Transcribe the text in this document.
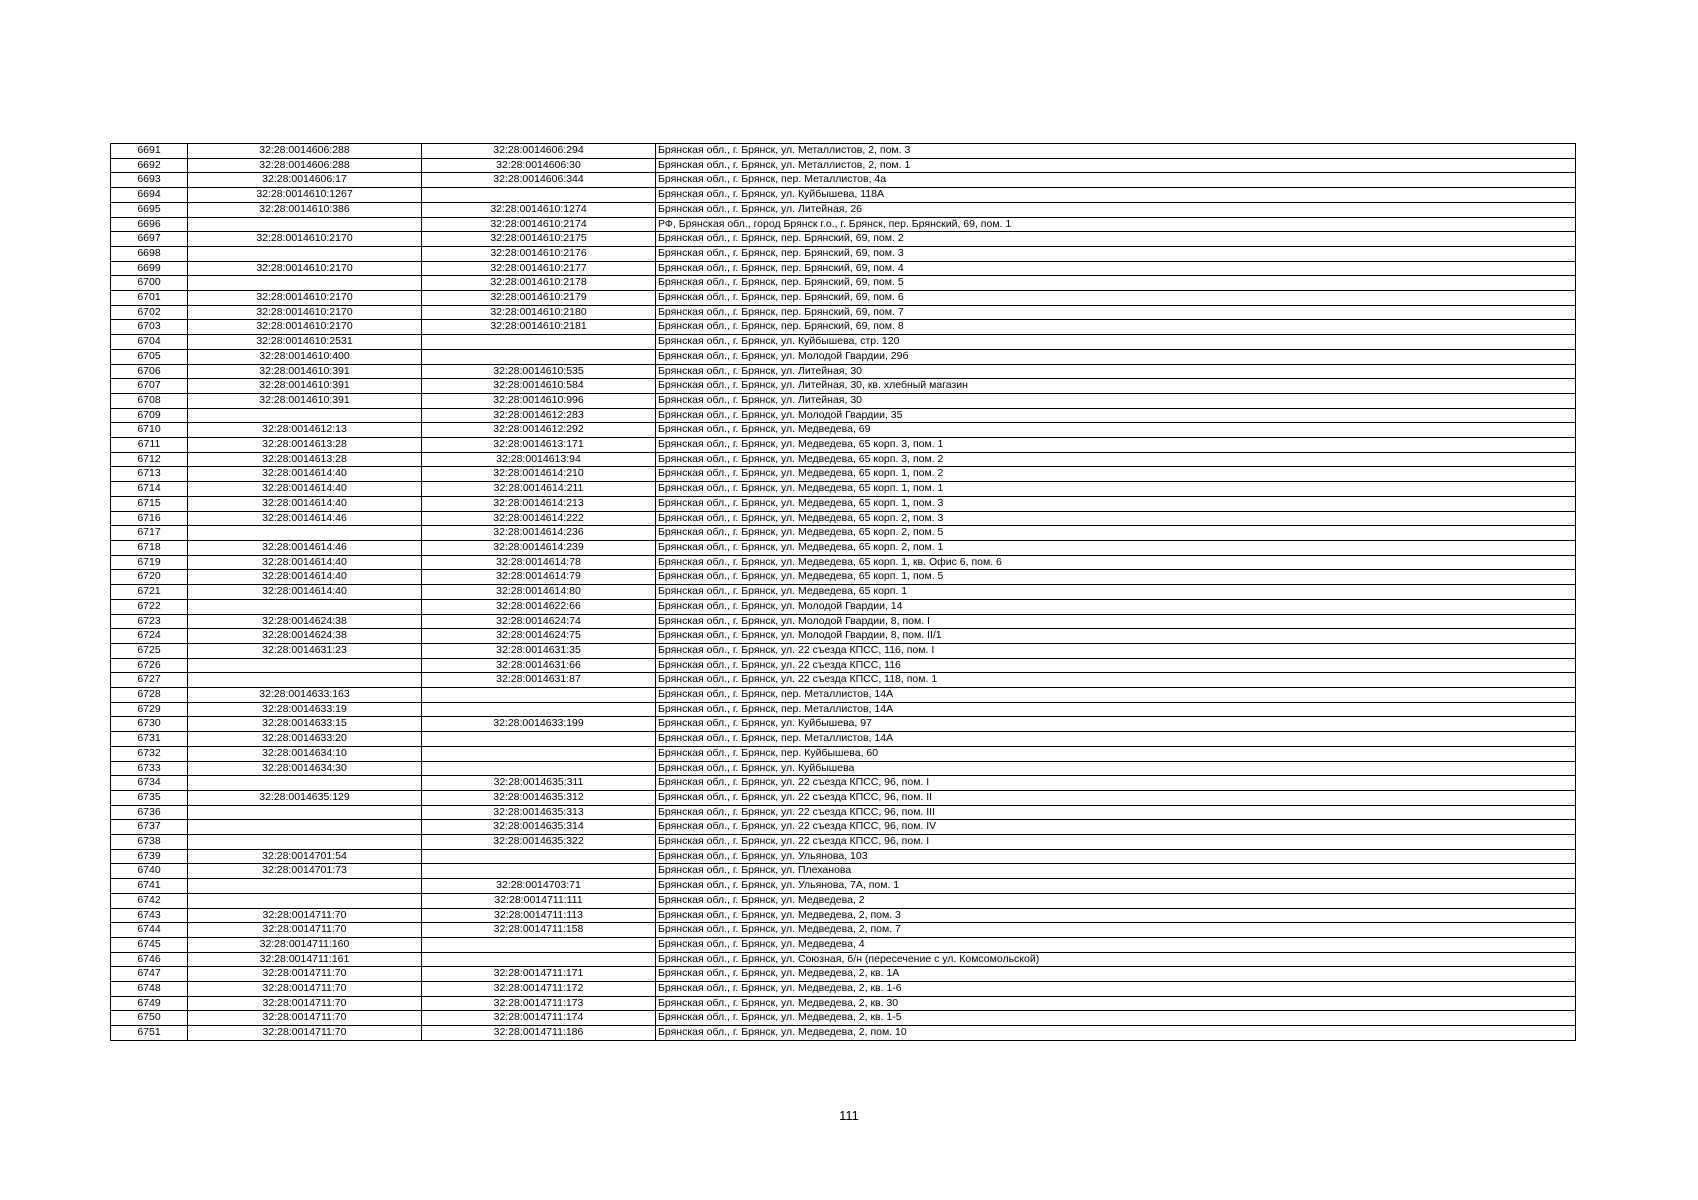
6691	32:28:0014606:288	32:28:0014606:294	Брянская обл., г. Брянск, ул. Металлистов, 2, пом. 3
6692	32:28:0014606:288	32:28:0014606:30	Брянская обл., г. Брянск, ул. Металлистов, 2, пом. 1
6693	32:28:0014606:17	32:28:0014606:344	Брянская обл., г. Брянск, пер. Металлистов, 4а
6694	32:28:0014610:1267		Брянская обл., г. Брянск, ул. Куйбышева, 118А
6695	32:28:0014610:386	32:28:0014610:1274	Брянская обл., г. Брянск, ул. Литейная, 26
6696		32:28:0014610:2174	РФ, Брянская обл., город Брянск г.о., г. Брянск, пер. Брянский, 69, пом. 1
6697	32:28:0014610:2170	32:28:0014610:2175	Брянская обл., г. Брянск, пер. Брянский, 69, пом. 2
6698		32:28:0014610:2176	Брянская обл., г. Брянск, пер. Брянский, 69, пом. 3
6699	32:28:0014610:2170	32:28:0014610:2177	Брянская обл., г. Брянск, пер. Брянский, 69, пом. 4
6700		32:28:0014610:2178	Брянская обл., г. Брянск, пер. Брянский, 69, пом. 5
6701	32:28:0014610:2170	32:28:0014610:2179	Брянская обл., г. Брянск, пер. Брянский, 69, пом. 6
6702	32:28:0014610:2170	32:28:0014610:2180	Брянская обл., г. Брянск, пер. Брянский, 69, пом. 7
6703	32:28:0014610:2170	32:28:0014610:2181	Брянская обл., г. Брянск, пер. Брянский, 69, пом. 8
6704	32:28:0014610:2531		Брянская обл., г. Брянск, ул. Куйбышева, стр. 120
6705	32:28:0014610:400		Брянская обл., г. Брянск, ул. Молодой Гвардии, 29б
6706	32:28:0014610:391	32:28:0014610:535	Брянская обл., г. Брянск, ул. Литейная, 30
6707	32:28:0014610:391	32:28:0014610:584	Брянская обл., г. Брянск, ул. Литейная, 30, кв. хлебный магазин
6708	32:28:0014610:391	32:28:0014610:996	Брянская обл., г. Брянск, ул. Литейная, 30
6709		32:28:0014612:283	Брянская обл., г. Брянск, ул. Молодой Гвардии, 35
6710	32:28:0014612:13	32:28:0014612:292	Брянская обл., г. Брянск, ул. Медведева, 69
6711	32:28:0014613:28	32:28:0014613:171	Брянская обл., г. Брянск, ул. Медведева, 65 корп. 3, пом. 1
6712	32:28:0014613:28	32:28:0014613:94	Брянская обл., г. Брянск, ул. Медведева, 65 корп. 3, пом. 2
6713	32:28:0014614:40	32:28:0014614:210	Брянская обл., г. Брянск, ул. Медведева, 65 корп. 1, пом. 2
6714	32:28:0014614:40	32:28:0014614:211	Брянская обл., г. Брянск, ул. Медведева, 65 корп. 1, пом. 1
6715	32:28:0014614:40	32:28:0014614:213	Брянская обл., г. Брянск, ул. Медведева, 65 корп. 1, пом. 3
6716	32:28:0014614:46	32:28:0014614:222	Брянская обл., г. Брянск, ул. Медведева, 65 корп. 2, пом. 3
6717		32:28:0014614:236	Брянская обл., г. Брянск, ул. Медведева, 65 корп. 2, пом. 5
6718	32:28:0014614:46	32:28:0014614:239	Брянская обл., г. Брянск, ул. Медведева, 65 корп. 2, пом. 1
6719	32:28:0014614:40	32:28:0014614:78	Брянская обл., г. Брянск, ул. Медведева, 65 корп. 1, кв. Офис 6, пом. 6
6720	32:28:0014614:40	32:28:0014614:79	Брянская обл., г. Брянск, ул. Медведева, 65 корп. 1, пом. 5
6721	32:28:0014614:40	32:28:0014614:80	Брянская обл., г. Брянск, ул. Медведева, 65 корп. 1
6722		32:28:0014622:66	Брянская обл., г. Брянск, ул. Молодой Гвардии, 14
6723	32:28:0014624:38	32:28:0014624:74	Брянская обл., г. Брянск, ул. Молодой Гвардии, 8, пом. I
6724	32:28:0014624:38	32:28:0014624:75	Брянская обл., г. Брянск, ул. Молодой Гвардии, 8, пом. II/1
6725	32:28:0014631:23	32:28:0014631:35	Брянская обл., г. Брянск, ул. 22 съезда КПСС, 116, пом. I
6726		32:28:0014631:66	Брянская обл., г. Брянск, ул. 22 съезда КПСС, 116
6727		32:28:0014631:87	Брянская обл., г. Брянск, ул. 22 съезда КПСС, 118, пом. 1
6728	32:28:0014633:163		Брянская обл., г. Брянск, пер. Металлистов, 14А
6729	32:28:0014633:19		Брянская обл., г. Брянск, пер. Металлистов, 14А
6730	32:28:0014633:15	32:28:0014633:199	Брянская обл., г. Брянск, ул. Куйбышева, 97
6731	32:28:0014633:20		Брянская обл., г. Брянск, пер. Металлистов, 14А
6732	32:28:0014634:10		Брянская обл., г. Брянск, пер. Куйбышева, 60
6733	32:28:0014634:30		Брянская обл., г. Брянск, ул. Куйбышева
6734		32:28:0014635:311	Брянская обл., г. Брянск, ул. 22 съезда КПСС, 96, пом. I
6735	32:28:0014635:129	32:28:0014635:312	Брянская обл., г. Брянск, ул. 22 съезда КПСС, 96, пом. II
6736		32:28:0014635:313	Брянская обл., г. Брянск, ул. 22 съезда КПСС, 96, пом. III
6737		32:28:0014635:314	Брянская обл., г. Брянск, ул. 22 съезда КПСС, 96, пом. IV
6738		32:28:0014635:322	Брянская обл., г. Брянск, ул. 22 съезда КПСС, 96, пом. I
6739	32:28:0014701:54		Брянская обл., г. Брянск, ул. Ульянова, 103
6740	32:28:0014701:73		Брянская обл., г. Брянск, ул. Плеханова
6741		32:28:0014703:71	Брянская обл., г. Брянск, ул. Ульянова, 7А, пом. 1
6742		32:28:0014711:111	Брянская обл., г. Брянск, ул. Медведева, 2
6743	32:28:0014711:70	32:28:0014711:113	Брянская обл., г. Брянск, ул. Медведева, 2, пом. 3
6744	32:28:0014711:70	32:28:0014711:158	Брянская обл., г. Брянск, ул. Медведева, 2, пом. 7
6745	32:28:0014711:160		Брянская обл., г. Брянск, ул. Медведева, 4
6746	32:28:0014711:161		Брянская обл., г. Брянск, ул. Союзная, б/н (пересечение с ул. Комсомольской)
6747	32:28:0014711:70	32:28:0014711:171	Брянская обл., г. Брянск, ул. Медведева, 2, кв. 1А
6748	32:28:0014711:70	32:28:0014711:172	Брянская обл., г. Брянск, ул. Медведева, 2, кв. 1-6
6749	32:28:0014711:70	32:28:0014711:173	Брянская обл., г. Брянск, ул. Медведева, 2, кв. 30
6750	32:28:0014711:70	32:28:0014711:174	Брянская обл., г. Брянск, ул. Медведева, 2, кв. 1-5
6751	32:28:0014711:70	32:28:0014711:186	Брянская обл., г. Брянск, ул. Медведева, 2, пом. 10
111
